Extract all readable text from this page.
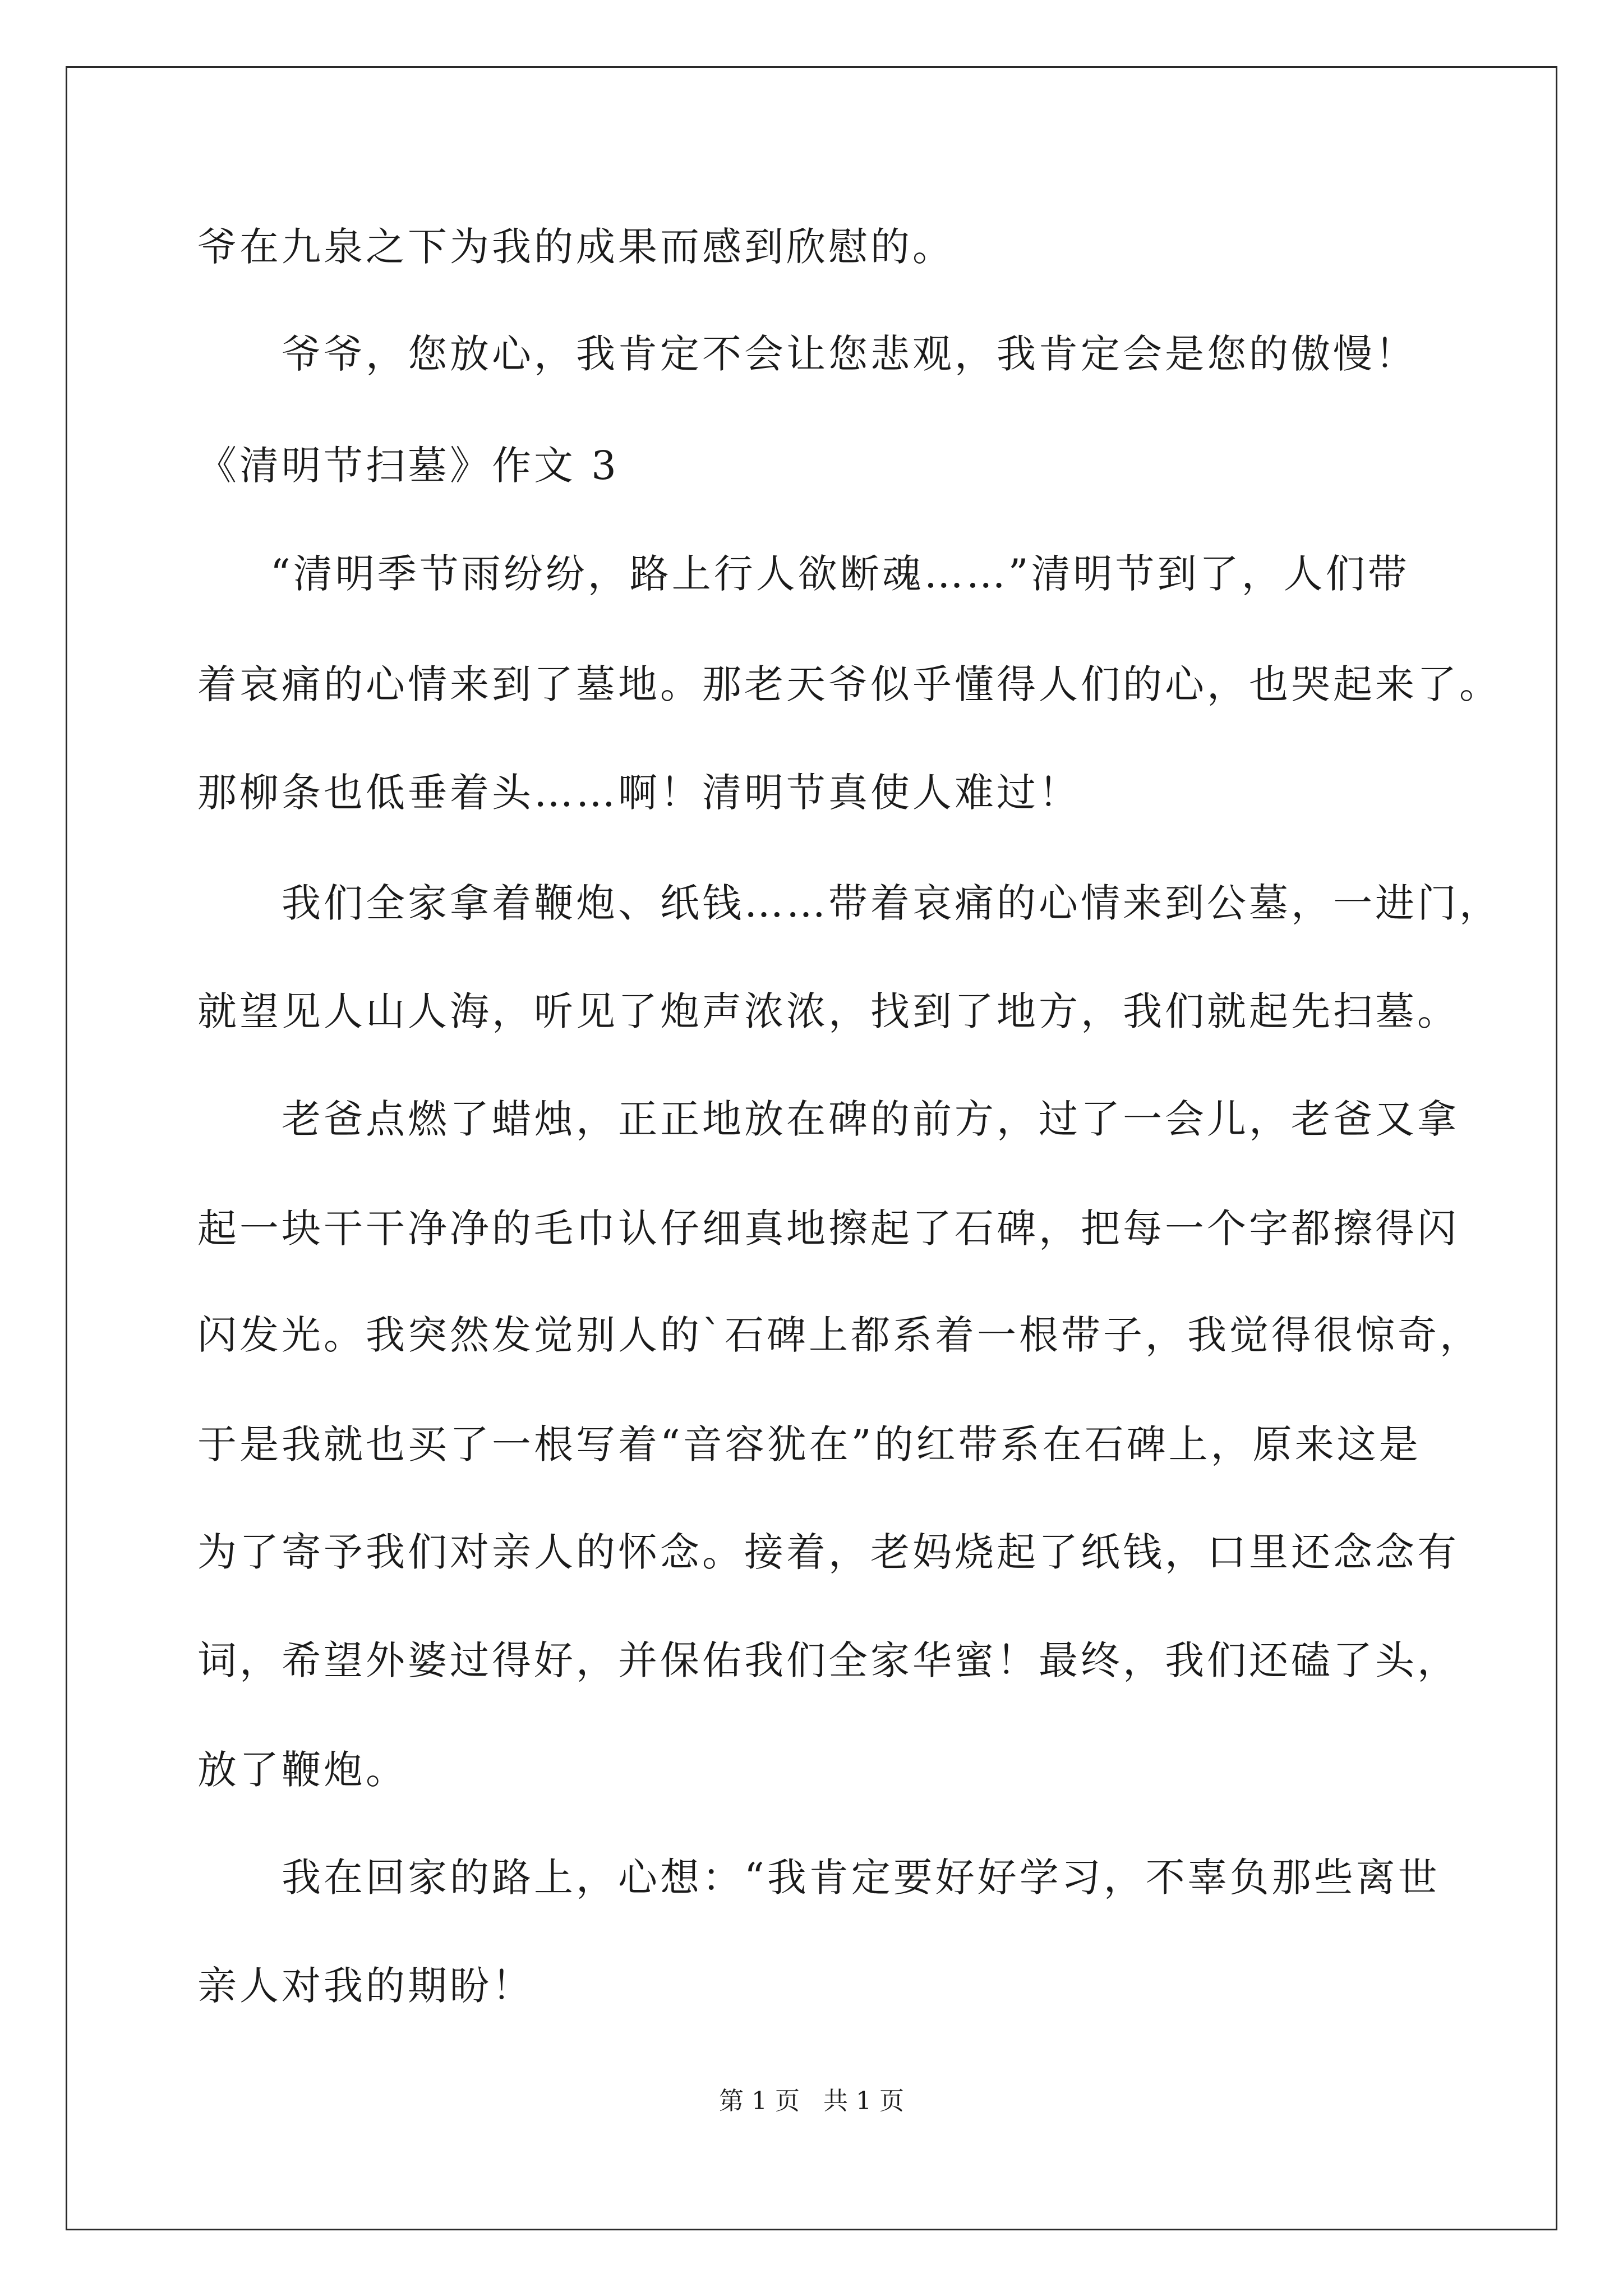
爷在九泉之下为我的成果而感到欣慰的。
爷爷，您放心，我肯定不会让您悲观，我肯定会是您的傲慢！
《清明节扫墓》作文 3
“清明季节雨纷纷，路上行人欲断魂……”清明节到了，人们带
着哀痛的心情来到了墓地。那老天爷似乎懂得人们的心，也哭起来了。
那柳条也低垂着头……啊！清明节真使人难过！
我们全家拿着鞭炮、纸钱……带着哀痛的心情来到公墓，一进门，
就望见人山人海，听见了炮声浓浓，找到了地方，我们就起先扫墓。
老爸点燃了蜡烛，正正地放在碑的前方，过了一会儿，老爸又拿
起一块干干净净的毛巾认仔细真地擦起了石碑，把每一个字都擦得闪
闪发光。我突然发觉别人的`石碑上都系着一根带子，我觉得很惊奇，
于是我就也买了一根写着“音容犹在”的红带系在石碑上，原来这是
为了寄予我们对亲人的怀念。接着，老妈烧起了纸钱，口里还念念有
词，希望外婆过得好，并保佑我们全家华蜜！最终，我们还磕了头，
放了鞭炮。
我在回家的路上，心想：“我肯定要好好学习，不辜负那些离世
亲人对我的期盼！
第 1 页   共 1 页
